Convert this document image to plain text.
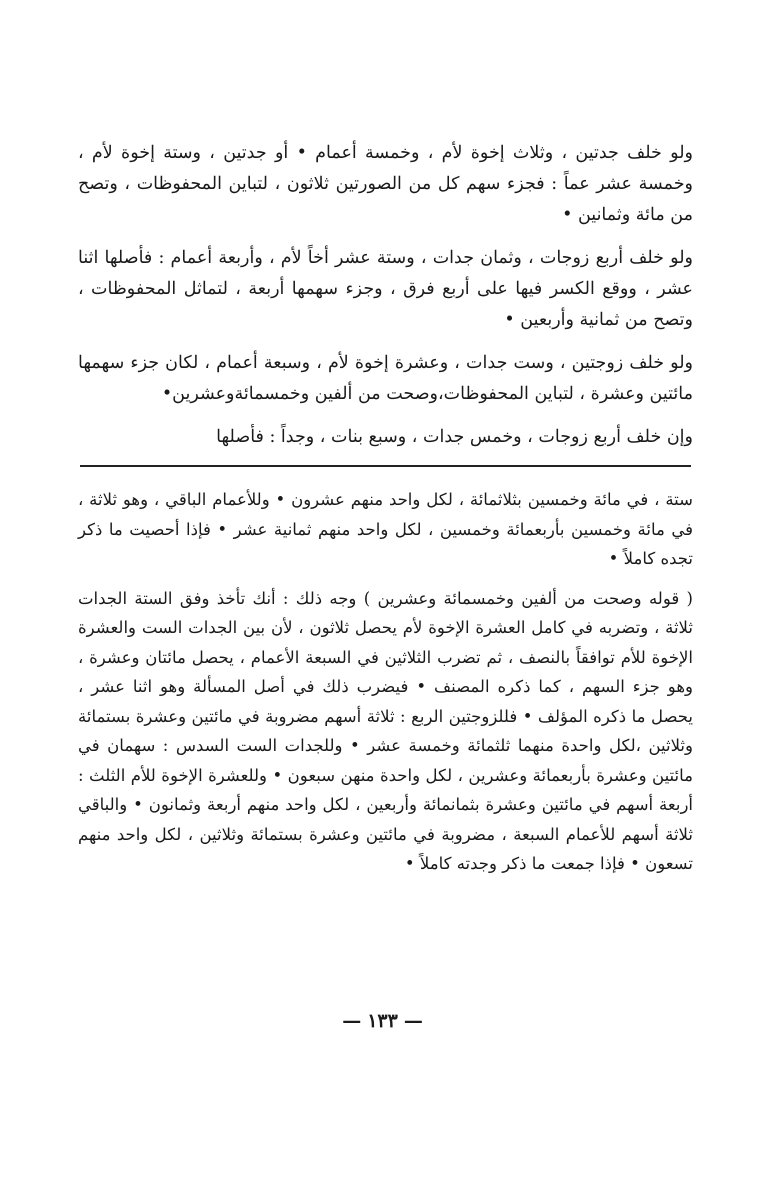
ولو خلف جدتين ، وثلاث إخوة لأم ، وخمسة أعمام • أو جدتين ، وستة إخوة لأم ، وخمسة عشر عماً : فجزء سهم كل من الصورتين ثلاثون ، لتباين المحفوظات ، وتصح من مائة وثمانين •

ولو خلف أربع زوجات ، وثمان جدات ، وستة عشر أخاً لأم ، وأربعة أعمام : فأصلها اثنا عشر ، ووقع الكسر فيها على أربع فرق ، وجزء سهمها أربعة ، لتماثل المحفوظات ، وتصح من ثمانية وأربعين •

ولو خلف زوجتين ، وست جدات ، وعشرة إخوة لأم ، وسبعة أعمام ، لكان جزء سهمها مائتين وعشرة ، لتباين المحفوظات،وصحت من ألفين وخمسمائةوعشرين•

وإن خلف أربع زوجات ، وخمس جدات ، وسبع بنات ، وجداً : فأصلها

ستة ، في مائة وخمسين بثلاثمائة ، لكل واحد منهم عشرون • وللأعمام الباقي ، وهو ثلاثة ، في مائة وخمسين بأربعمائة وخمسين ، لكل واحد منهم ثمانية عشر • فإذا أحصيت ما ذكر تجده كاملاً •

( قوله وصحت من ألفين وخمسمائة وعشرين ) وجه ذلك : أنك تأخذ وفق الستة الجدات ثلاثة ، وتضربه في كامل العشرة الإخوة لأم يحصل ثلاثون ، لأن بين الجدات الست والعشرة الإخوة للأم توافقاً بالنصف ، ثم تضرب الثلاثين في السبعة الأعمام ، يحصل مائتان وعشرة ، وهو جزء السهم ، كما ذكره المصنف • فيضرب ذلك في أصل المسألة وهو اثنا عشر ، يحصل ما ذكره المؤلف • فللزوجتين الربع : ثلاثة أسهم مضروبة في مائتين وعشرة بستمائة وثلاثين ،لكل واحدة منهما ثلثمائة وخمسة عشر • وللجدات الست السدس : سهمان في مائتين وعشرة بأربعمائة وعشرين ، لكل واحدة منهن سبعون • وللعشرة الإخوة للأم الثلث : أربعة أسهم في مائتين وعشرة بثمانمائة وأربعين ، لكل واحد منهم أربعة وثمانون • والباقي ثلاثة أسهم للأعمام السبعة ، مضروبة في مائتين وعشرة بستمائة وثلاثين ، لكل واحد منهم تسعون • فإذا جمعت ما ذكر وجدته كاملاً •

—١٣٣—
